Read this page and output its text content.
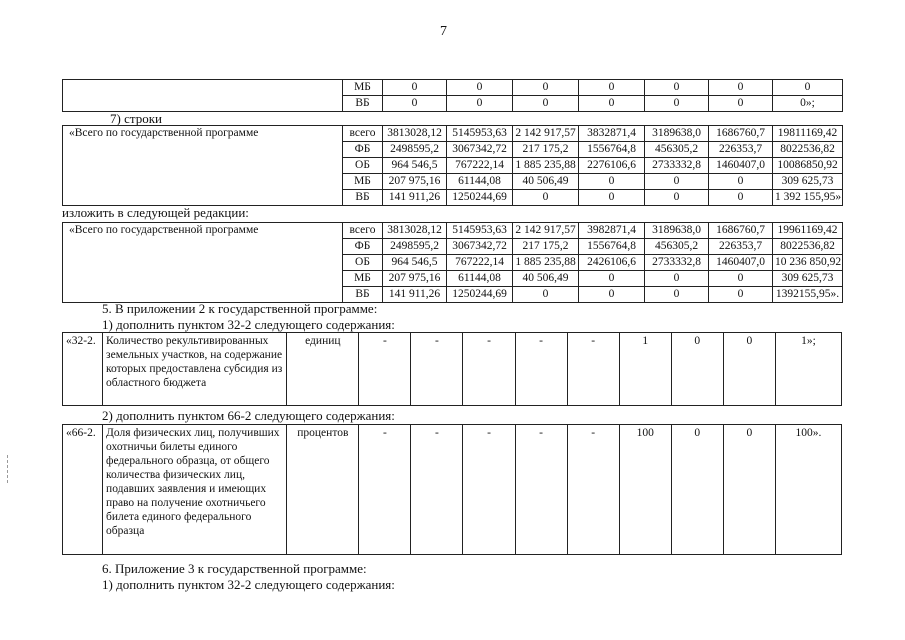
7
	МБ	0	0	0	0	0	0	0
	ВБ	0	0	0	0	0	0	0»;
7) строки
«Всего по государственной программе	всего	3813028,12	5145953,63	2 142 917,57	3832871,4	3189638,0	1686760,7	19811169,42
	ФБ	2498595,2	3067342,72	217 175,2	1556764,8	456305,2	226353,7	8022536,82
	ОБ	964 546,5	767222,14	1 885 235,88	2276106,6	2733332,8	1460407,0	10086850,92
	МБ	207 975,16	61144,08	40 506,49	0	0	0	309 625,73
	ВБ	141 911,26	1250244,69	0	0	0	0	1 392 155,95»
изложить в следующей редакции:
«Всего по государственной программе	всего	3813028,12	5145953,63	2 142 917,57	3982871,4	3189638,0	1686760,7	19961169,42
	ФБ	2498595,2	3067342,72	217 175,2	1556764,8	456305,2	226353,7	8022536,82
	ОБ	964 546,5	767222,14	1 885 235,88	2426106,6	2733332,8	1460407,0	10 236 850,92
	МБ	207 975,16	61144,08	40 506,49	0	0	0	309 625,73
	ВБ	141 911,26	1250244,69	0	0	0	0	1392155,95».
5. В приложении 2 к государственной программе:
1) дополнить пунктом 32-2 следующего содержания:
«32-2.	Количество рекультивированных земельных участков, на содержание которых предоставлена субсидия из областного бюджета	единиц	-	-	-	-	-	1	0	0	1»;
2) дополнить пунктом 66-2 следующего содержания:
«66-2.	Доля физических лиц, получивших охотничьи билеты единого федерального образца, от общего количества физических лиц, подавших заявления и имеющих право на получение охотничьего билета единого федерального образца	процентов	-	-	-	-	-	100	0	0	100».
6. Приложение 3 к государственной программе:
1) дополнить пунктом 32-2 следующего содержания:
